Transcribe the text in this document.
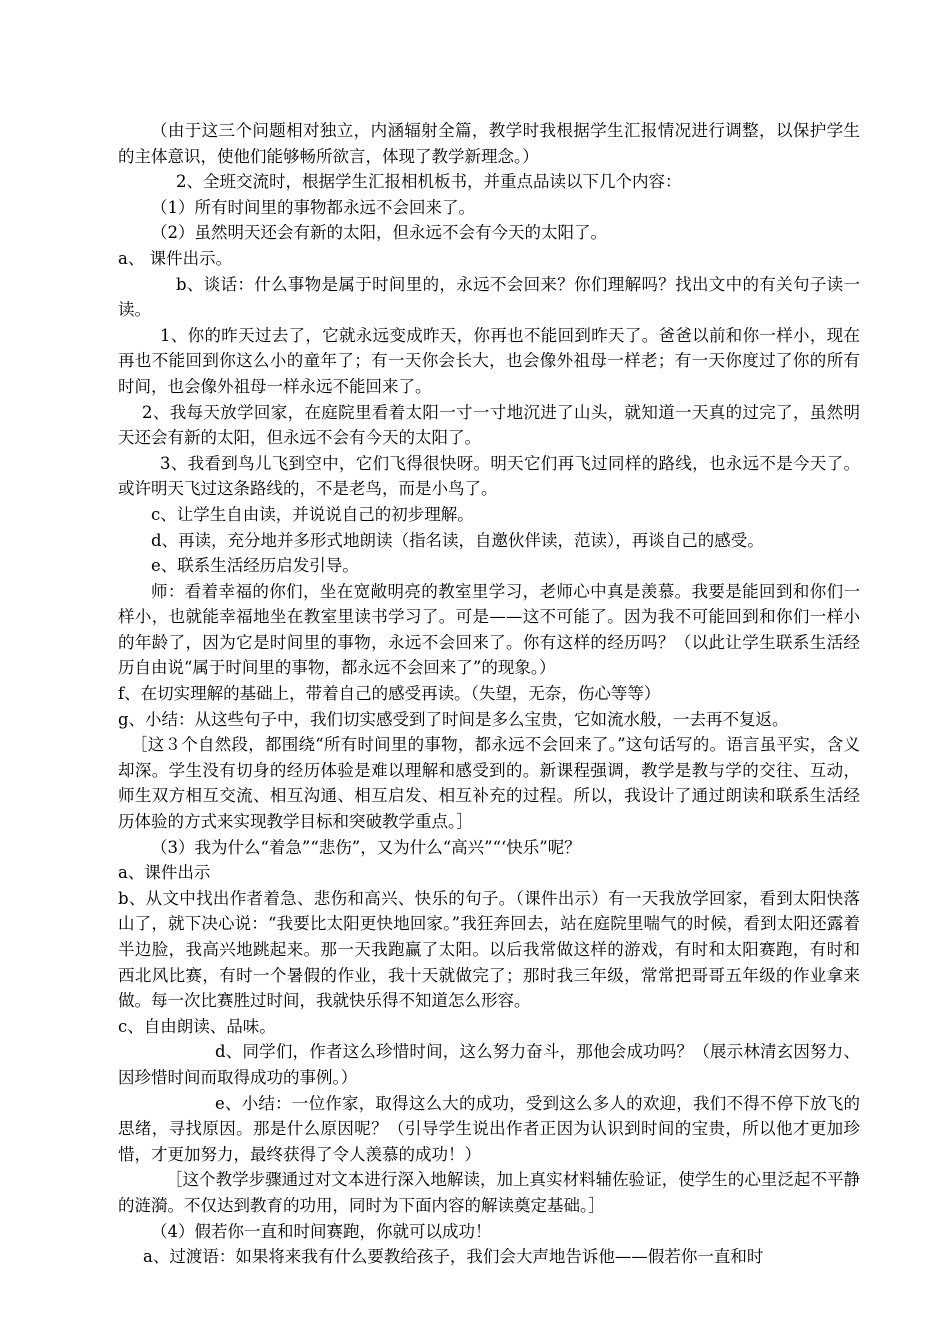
（由于这三个问题相对独立，内涵辐射全篇，教学时我根据学生汇报情况进行调整，以保护学生的主体意识，使他们能够畅所欲言，体现了教学新理念。）

2、全班交流时，根据学生汇报相机板书，并重点品读以下几个内容：

（1）所有时间里的事物都永远不会回来了。

（2）虽然明天还会有新的太阳，但永远不会有今天的太阳了。

a、 课件出示。

b、谈话：什么事物是属于时间里的，永远不会回来？你们理解吗？找出文中的有关句子读一读。

1、你的昨天过去了，它就永远变成昨天，你再也不能回到昨天了。爸爸以前和你一样小，现在再也不能回到你这么小的童年了；有一天你会长大，也会像外祖母一样老；有一天你度过了你的所有时间，也会像外祖母一样永远不能回来了。

2、我每天放学回家，在庭院里看着太阳一寸一寸地沉进了山头，就知道一天真的过完了，虽然明天还会有新的太阳，但永远不会有今天的太阳了。

3、我看到鸟儿飞到空中，它们飞得很快呀。明天它们再飞过同样的路线，也永远不是今天了。或许明天飞过这条路线的，不是老鸟，而是小鸟了。

c、让学生自由读，并说说自己的初步理解。

d、再读，充分地并多形式地朗读（指名读，自邀伙伴读，范读），再谈自己的感受。

e、联系生活经历启发引导。

师：看着幸福的你们，坐在宽敞明亮的教室里学习，老师心中真是羡慕。我要是能回到和你们一样小，也就能幸福地坐在教室里读书学习了。可是——这不可能了。因为我不可能回到和你们一样小的年龄了，因为它是时间里的事物，永远不会回来了。你有这样的经历吗？（以此让学生联系生活经历自由说“属于时间里的事物，都永远不会回来了”的现象。）

f、在切实理解的基础上，带着自己的感受再读。（失望，无奈，伤心等等）

g、小结：从这些句子中，我们切实感受到了时间是多么宝贵，它如流水般，一去再不复返。

［这３个自然段，都围绕“所有时间里的事物，都永远不会回来了。”这句话写的。语言虽平实，含义却深。学生没有切身的经历体验是难以理解和感受到的。新课程强调，教学是教与学的交往、互动，师生双方相互交流、相互沟通、相互启发、相互补充的过程。所以，我设计了通过朗读和联系生活经历体验的方式来实现教学目标和突破教学重点。］

（3）我为什么“着急”“悲伤”，又为什么“高兴”“‘快乐”呢？

a、课件出示

b、从文中找出作者着急、悲伤和高兴、快乐的句子。（课件出示）有一天我放学回家，看到太阳快落山了，就下决心说：“我要比太阳更快地回家。”我狂奔回去，站在庭院里喘气的时候，看到太阳还露着半边脸，我高兴地跳起来。那一天我跑赢了太阳。以后我常做这样的游戏，有时和太阳赛跑，有时和西北风比赛，有时一个暑假的作业，我十天就做完了；那时我三年级，常常把哥哥五年级的作业拿来做。每一次比赛胜过时间，我就快乐得不知道怎么形容。

c、自由朗读、品味。

d、同学们，作者这么珍惜时间，这么努力奋斗，那他会成功吗？（展示林清玄因努力、因珍惜时间而取得成功的事例。）

e、小结：一位作家，取得这么大的成功，受到这么多人的欢迎，我们不得不停下放飞的思绪，寻找原因。那是什么原因呢？（引导学生说出作者正因为认识到时间的宝贵，所以他才更加珍惜，才更加努力，最终获得了令人羡慕的成功！）

［这个教学步骤通过对文本进行深入地解读，加上真实材料辅佐验证，使学生的心里泛起不平静的涟漪。不仅达到教育的功用，同时为下面内容的解读奠定基础。］

（4）假若你一直和时间赛跑，你就可以成功！

a、过渡语：如果将来我有什么要教给孩子，我们会大声地告诉他——假若你一直和时
